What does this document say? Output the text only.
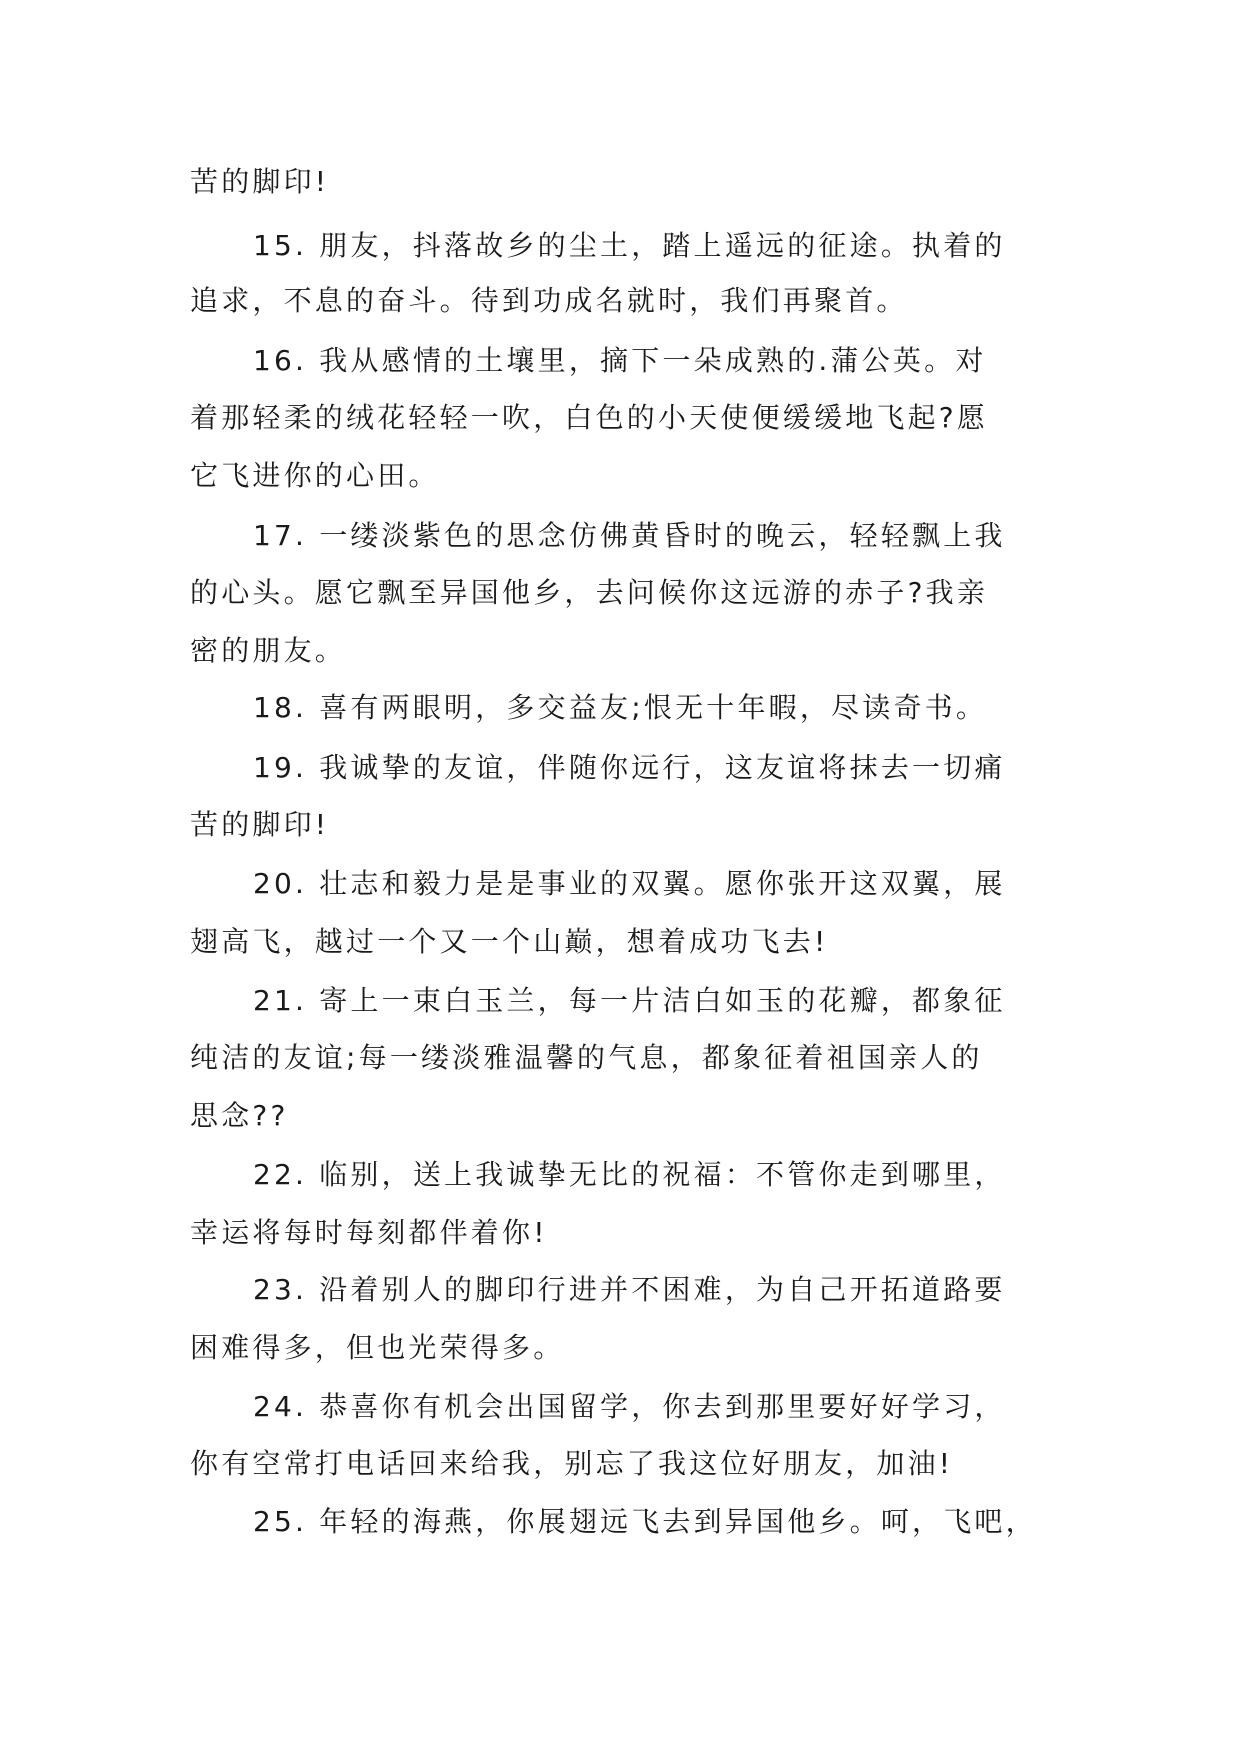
苦的脚印!
15. 朋友，抖落故乡的尘土，踏上遥远的征途。执着的
追求，不息的奋斗。待到功成名就时，我们再聚首。
16. 我从感情的土壤里，摘下一朵成熟的.蒲公英。对
着那轻柔的绒花轻轻一吹，白色的小天使便缓缓地飞起?愿
它飞进你的心田。
17. 一缕淡紫色的思念仿佛黄昏时的晚云，轻轻飘上我
的心头。愿它飘至异国他乡，去问候你这远游的赤子?我亲
密的朋友。
18. 喜有两眼明，多交益友;恨无十年暇，尽读奇书。
19. 我诚挚的友谊，伴随你远行，这友谊将抹去一切痛
苦的脚印!
20. 壮志和毅力是是事业的双翼。愿你张开这双翼，展
翅高飞，越过一个又一个山巅，想着成功飞去!
21. 寄上一束白玉兰，每一片洁白如玉的花瓣，都象征
纯洁的友谊;每一缕淡雅温馨的气息，都象征着祖国亲人的
思念??
22. 临别，送上我诚挚无比的祝福：不管你走到哪里，
幸运将每时每刻都伴着你!
23. 沿着别人的脚印行进并不困难，为自己开拓道路要
困难得多，但也光荣得多。
24. 恭喜你有机会出国留学，你去到那里要好好学习，
你有空常打电话回来给我，别忘了我这位好朋友，加油!
25. 年轻的海燕，你展翅远飞去到异国他乡。呵，飞吧，
